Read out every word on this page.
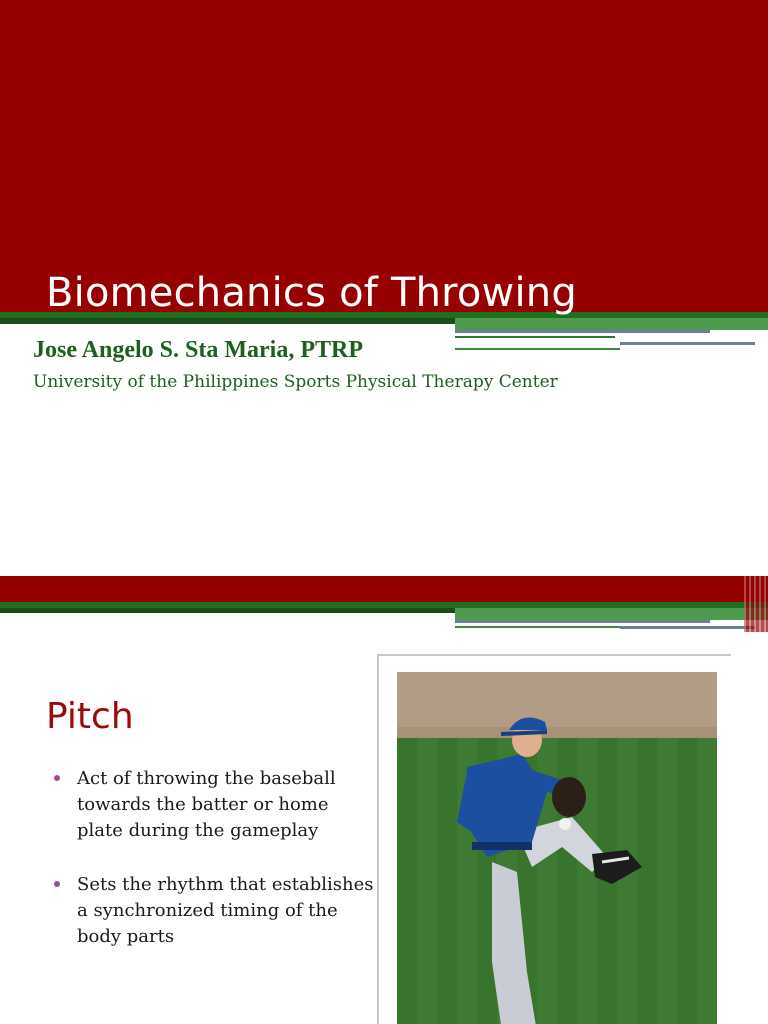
Biomechanics of Throwing

Jose Angelo S. Sta Maria, PTRP

University of the Philippines Sports Physical Therapy Center

Pitch
Act of throwing the baseball towards the batter or home plate during the gameplay
Sets the rhythm that establishes a synchronized timing of the body parts
